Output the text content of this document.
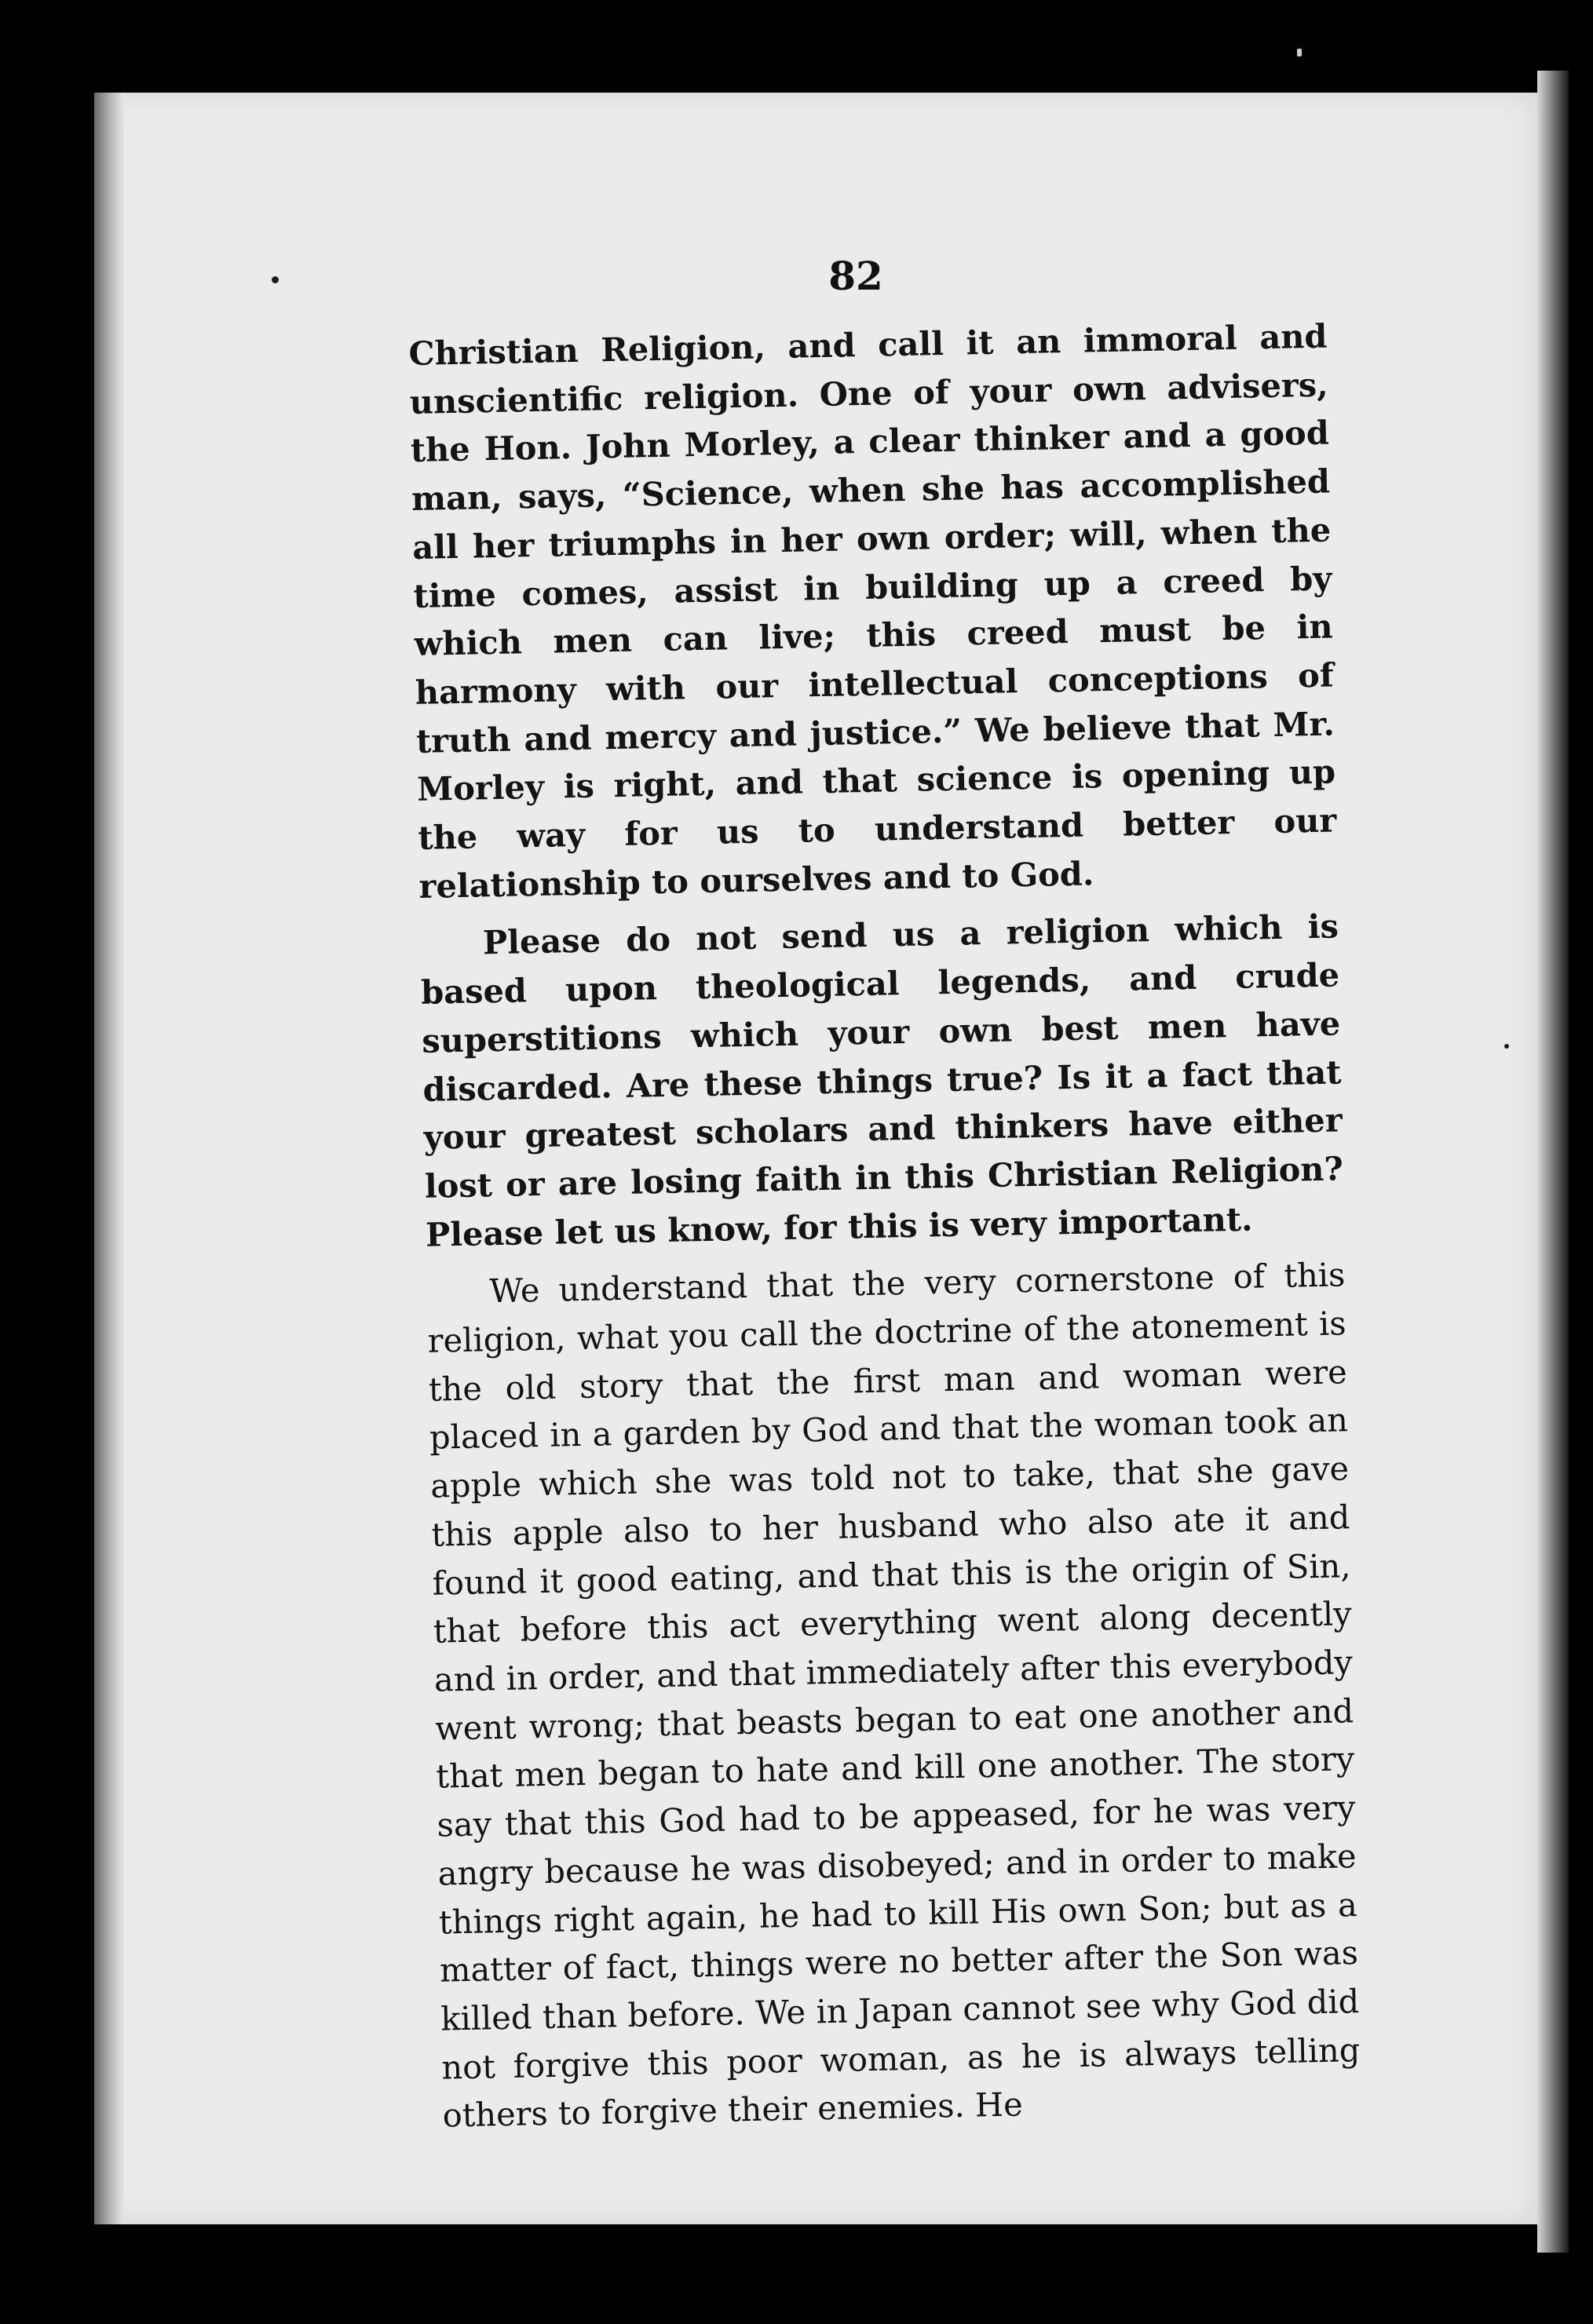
82

Christian Religion, and call it an immoral and unscientific religion. One of your own advisers, the Hon. John Morley, a clear thinker and a good man, says, “Science, when she has accomplished all her triumphs in her own order; will, when the time comes, assist in building up a creed by which men can live; this creed must be in harmony with our intellectual conceptions of truth and mercy and justice.” We believe that Mr. Morley is right, and that science is opening up the way for us to understand better our relationship to ourselves and to God.

Please do not send us a religion which is based upon theological legends, and crude superstitions which your own best men have discarded. Are these things true? Is it a fact that your greatest scholars and thinkers have either lost or are losing faith in this Christian Religion? Please let us know, for this is very important.

We understand that the very cornerstone of this religion, what you call the doctrine of the atonement is the old story that the first man and woman were placed in a garden by God and that the woman took an apple which she was told not to take, that she gave this apple also to her husband who also ate it and found it good eating, and that this is the origin of Sin, that before this act everything went along decently and in order, and that immediately after this everybody went wrong; that beasts began to eat one another and that men began to hate and kill one another. The story say that this God had to be appeased, for he was very angry because he was disobeyed; and in order to make things right again, he had to kill His own Son; but as a matter of fact, things were no better after the Son was killed than before. We in Japan cannot see why God did not forgive this poor woman, as he is always telling others to forgive their enemies. He
